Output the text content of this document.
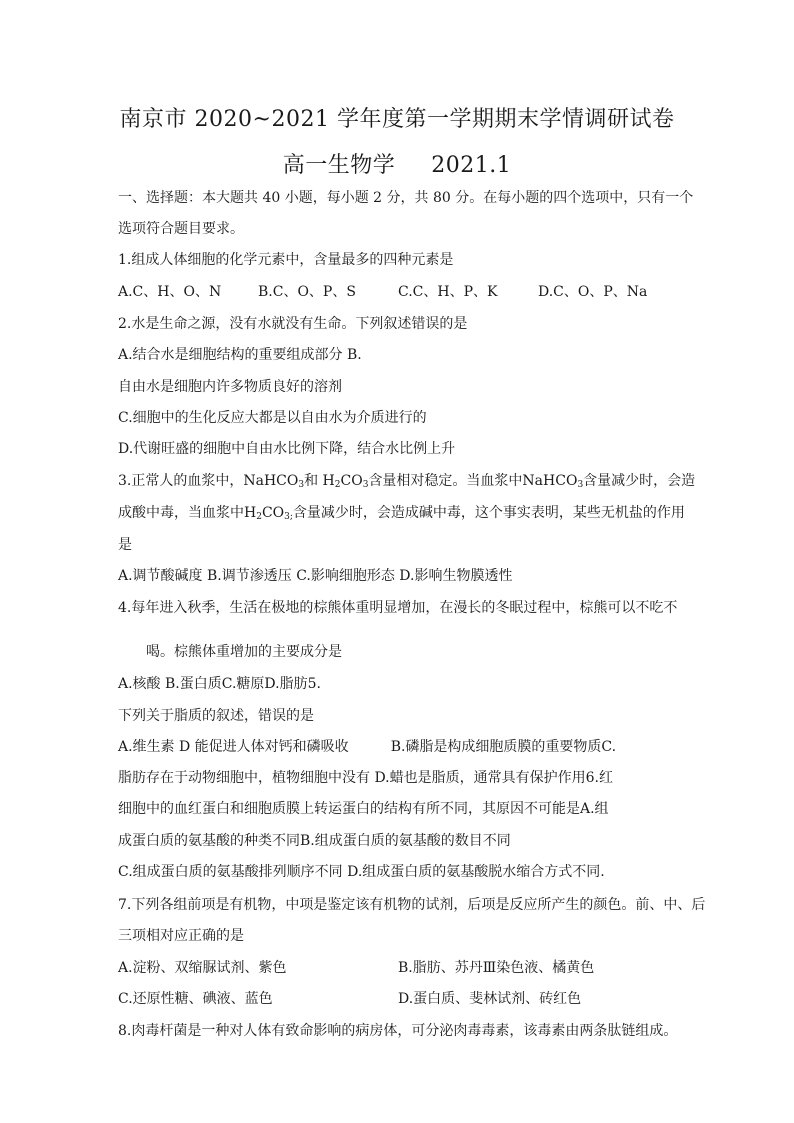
南京市 2020~2021 学年度第一学期期末学情调研试卷
高一生物学 2021.1
一、选择题：本大题共 40 小题，每小题 2 分，共 80 分。在每小题的四个选项中，只有一个
选项符合题目要求。
1.组成人体细胞的化学元素中，含量最多的四种元素是
A.C、H、O、N	B.C、O、P、S	C.C、H、P、K	D.C、O、P、Na
2.水是生命之源，没有水就没有生命。下列叙述错误的是
A.结合水是细胞结构的重要组成部分 B.
自由水是细胞内许多物质良好的溶剂
C.细胞中的生化反应大都是以自由水为介质进行的
D.代谢旺盛的细胞中自由水比例下降，结合水比例上升
3.正常人的血浆中，NaHCO$_3$和 $H_2CO_3$含量相对稳定。当血浆中NaHCO$_3$含量减少时，会造
成酸中毒，当血浆中$H_2CO_{3;}$含量减少时，会造成碱中毒，这个事实表明，某些无机盐的作用
是
A.调节酸碱度 B.调节渗透压 C.影响细胞形态 D.影响生物膜透性
4.每年进入秋季，生活在极地的棕熊体重明显增加，在漫长的冬眠过程中，棕熊可以不吃不
喝。棕熊体重增加的主要成分是
A.核酸 B.蛋白质C.糖原D.脂肪5.
下列关于脂质的叙述，错误的是
A.维生素 D 能促进人体对钙和磷吸收	B.磷脂是构成细胞质膜的重要物质C.
脂肪存在于动物细胞中，植物细胞中没有 D.蜡也是脂质，通常具有保护作用6.红
细胞中的血红蛋白和细胞质膜上转运蛋白的结构有所不同，其原因不可能是A.组
成蛋白质的氨基酸的种类不同B.组成蛋白质的氨基酸的数目不同
C.组成蛋白质的氨基酸排列顺序不同 D.组成蛋白质的氨基酸脱水缩合方式不同.
7.下列各组前项是有机物，中项是鉴定该有机物的试剂，后项是反应所产生的颜色。前、中、后
三项相对应正确的是
A.淀粉、双缩脲试剂、紫色	B.脂肪、苏丹Ⅲ染色液、橘黄色
C.还原性糖、碘液、蓝色	D.蛋白质、斐林试剂、砖红色
8.肉毒杆菌是一种对人体有致命影响的病房体，可分泌肉毒毒素，该毒素由两条肽链组成。
